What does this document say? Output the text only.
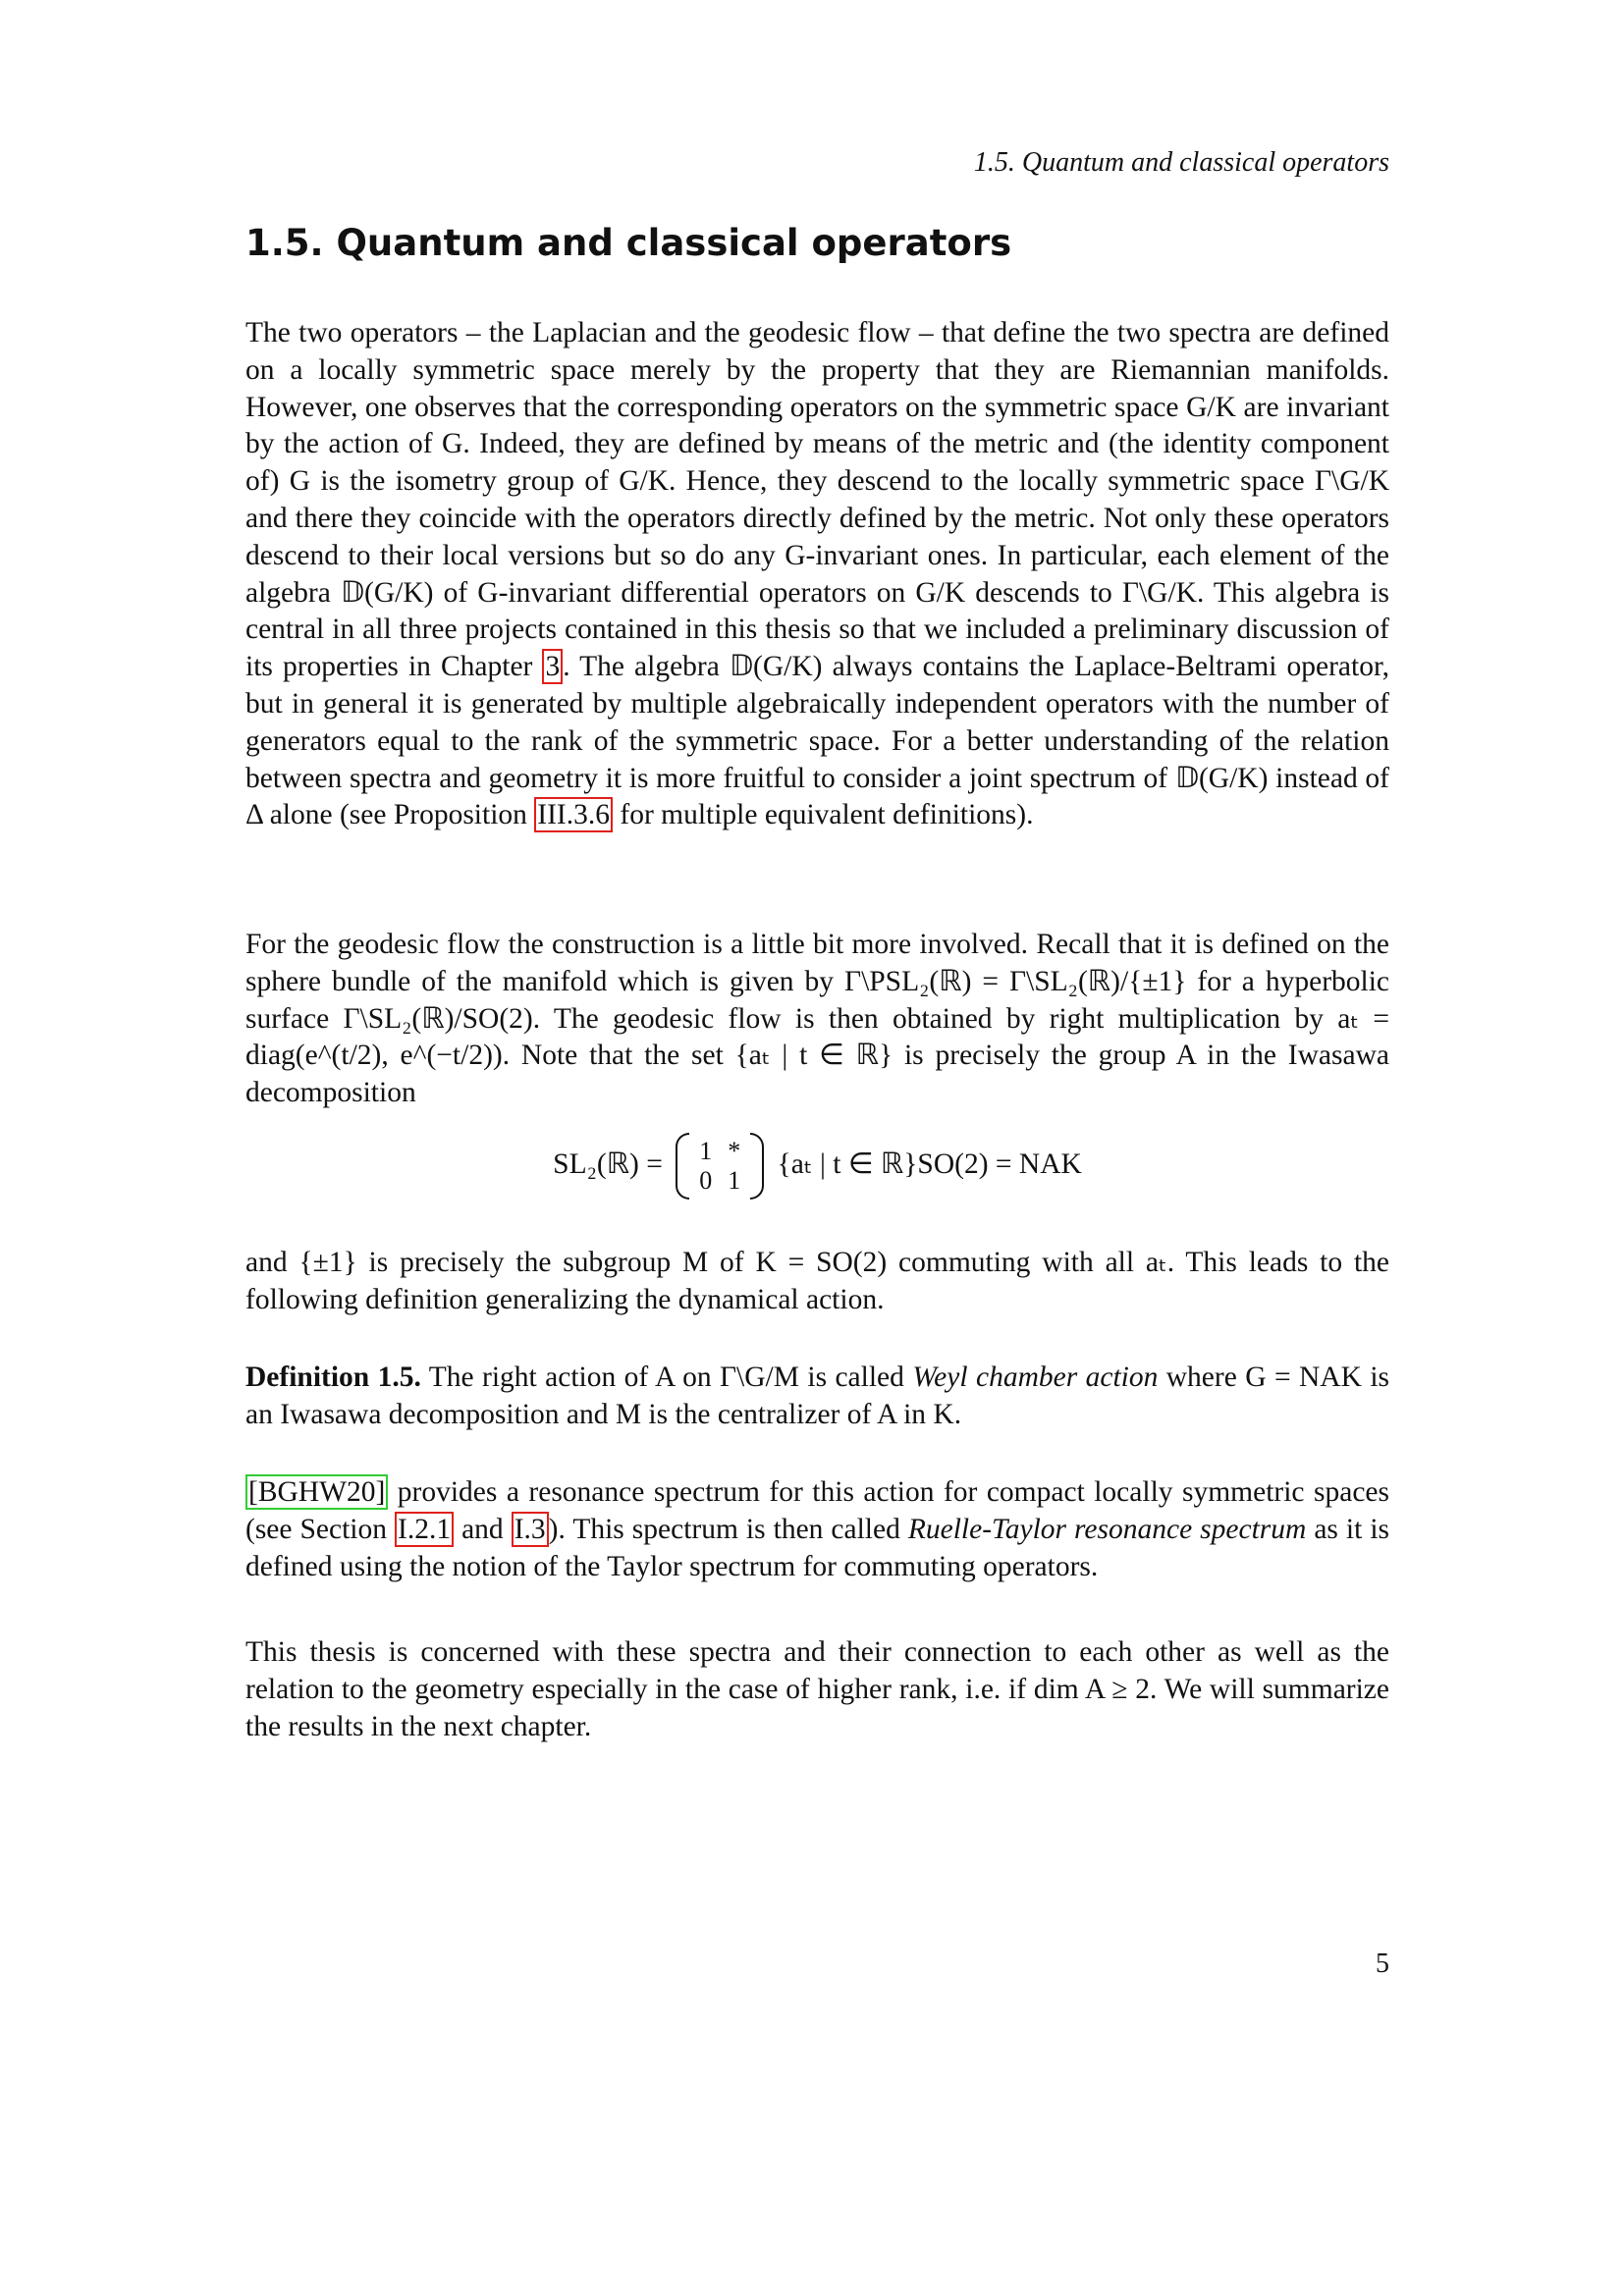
1.5. Quantum and classical operators
1.5. Quantum and classical operators

The two operators – the Laplacian and the geodesic flow – that define the two spectra are defined on a locally symmetric space merely by the property that they are Riemannian manifolds. However, one observes that the corresponding operators on the symmetric space G/K are invariant by the action of G. Indeed, they are defined by means of the metric and (the identity component of) G is the isometry group of G/K. Hence, they descend to the locally symmetric space Γ\G/K and there they coincide with the operators directly defined by the metric. Not only these operators descend to their local versions but so do any G-invariant ones. In particular, each element of the algebra 𝔻(G/K) of G-invariant differential operators on G/K descends to Γ\G/K. This algebra is central in all three projects contained in this thesis so that we included a preliminary discussion of its properties in Chapter 3 . The algebra 𝔻(G/K) always contains the Laplace-Beltrami operator, but in general it is generated by multiple algebraically independent operators with the number of generators equal to the rank of the symmetric space. For a better understanding of the relation between spectra and geometry it is more fruitful to consider a joint spectrum of 𝔻(G/K) instead of Δ alone (see Proposition III.3.6 for multiple equivalent definitions).

For the geodesic flow the construction is a little bit more involved. Recall that it is defined on the sphere bundle of the manifold which is given by Γ\PSL₂(ℝ) = Γ\SL₂(ℝ)/{±1} for a hyperbolic surface Γ\SL₂(ℝ)/SO(2). The geodesic flow is then obtained by right multiplication by aₜ = diag(e^(t/2), e^(−t/2)). Note that the set {aₜ | t ∈ ℝ} is precisely the group A in the Iwasawa decomposition

SL₂(ℝ) = 1	*
0	1
{aₜ | t ∈ ℝ}SO(2) = NAK

and {±1} is precisely the subgroup M of K = SO(2) commuting with all aₜ. This leads to the following definition generalizing the dynamical action.

Definition 1.5. The right action of A on Γ\G/M is called Weyl chamber action where G = NAK is an Iwasawa decomposition and M is the centralizer of A in K.

[BGHW20] provides a resonance spectrum for this action for compact locally symmetric spaces (see Section I.2.1 and I.3 ). This spectrum is then called Ruelle-Taylor resonance spectrum as it is defined using the notion of the Taylor spectrum for commuting operators.

This thesis is concerned with these spectra and their connection to each other as well as the relation to the geometry especially in the case of higher rank, i.e. if dim A ≥ 2. We will summarize the results in the next chapter.

5
